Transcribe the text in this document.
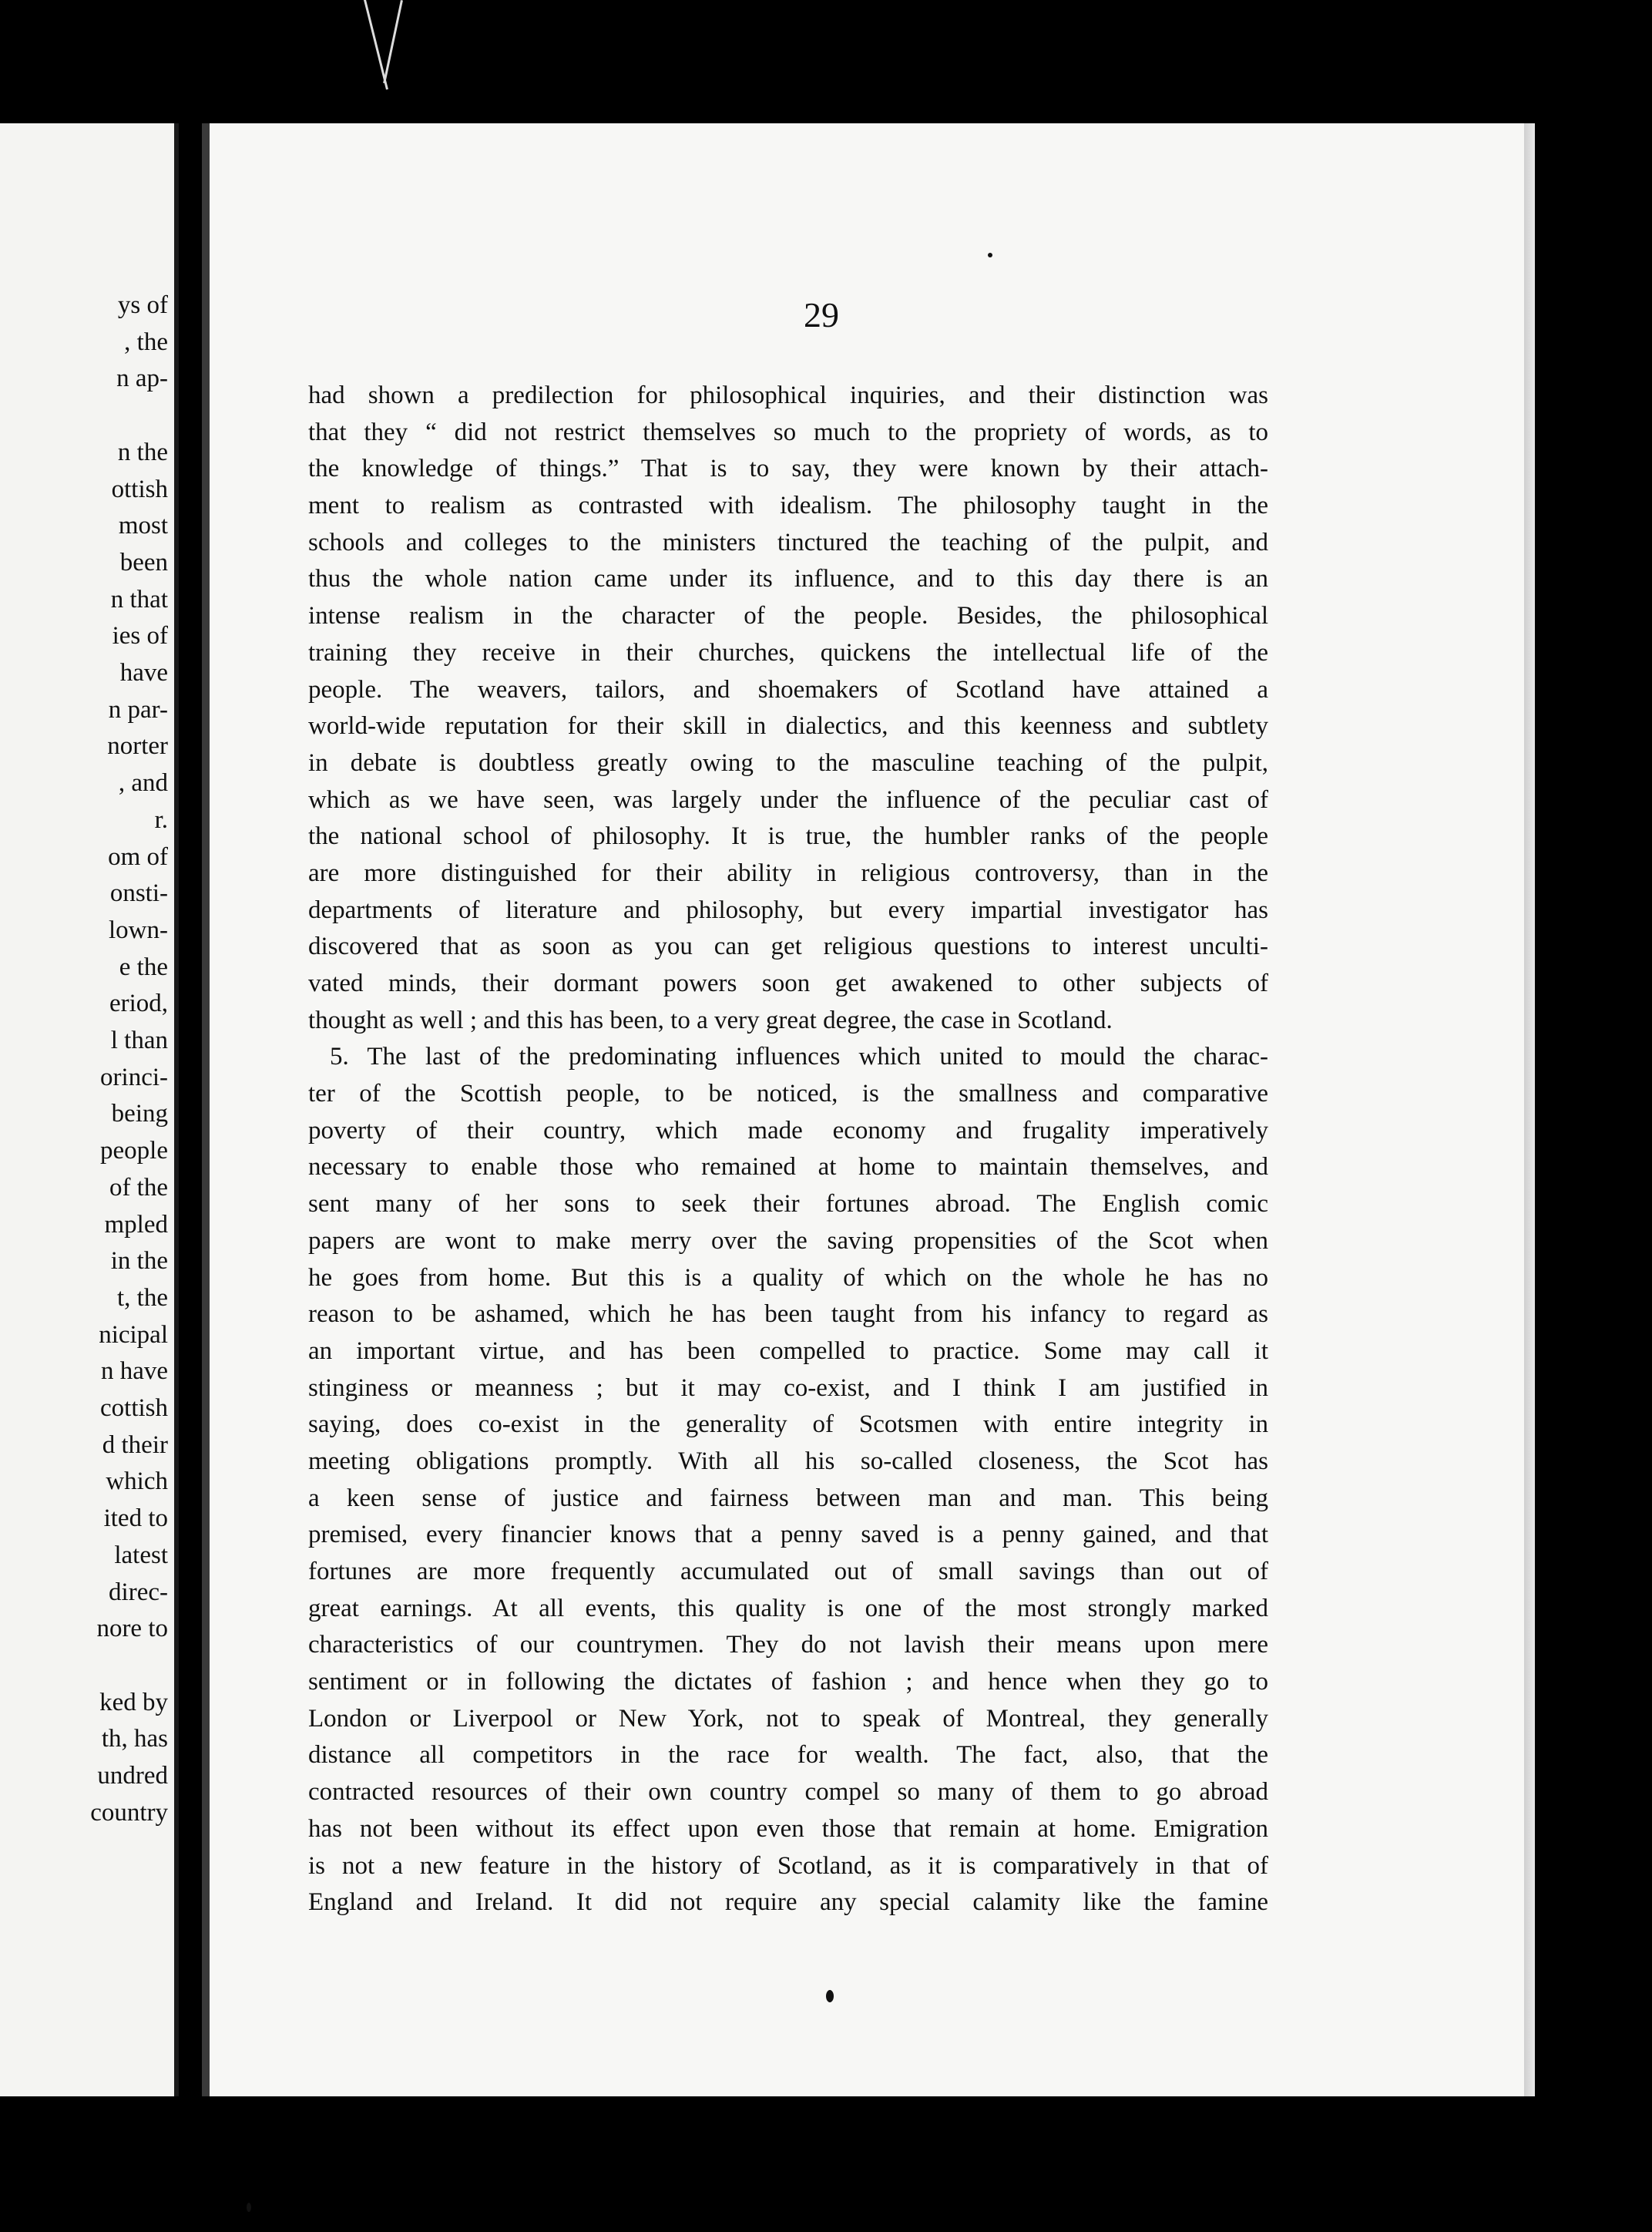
ys of
, the
n ap-
n the
ottish
most
been
n that
ies of
have
n par-
norter
, and
r.
om of
onsti-
lown-
e the
eriod,
l than
orinci-
being
people
of the
mpled
in the
t, the
nicipal
n have
cottish
d their
which
ited to
latest
direc-
nore to
ked by
th, has
undred
country
29
had shown a predilection for philosophical inquiries, and their distinction was
that they “ did not restrict themselves so much to the propriety of words, as to
the knowledge of things.” That is to say, they were known by their attach-
ment to realism as contrasted with idealism. The philosophy taught in the
schools and colleges to the ministers tinctured the teaching of the pulpit, and
thus the whole nation came under its influence, and to this day there is an
intense realism in the character of the people. Besides, the philosophical
training they receive in their churches, quickens the intellectual life of the
people. The weavers, tailors, and shoemakers of Scotland have attained a
world-wide reputation for their skill in dialectics, and this keenness and subtlety
in debate is doubtless greatly owing to the masculine teaching of the pulpit,
which as we have seen, was largely under the influence of the peculiar cast of
the national school of philosophy. It is true, the humbler ranks of the people
are more distinguished for their ability in religious controversy, than in the
departments of literature and philosophy, but every impartial investigator has
discovered that as soon as you can get religious questions to interest unculti-
vated minds, their dormant powers soon get awakened to other subjects of
thought as well ; and this has been, to a very great degree, the case in Scotland.
5. The last of the predominating influences which united to mould the charac-
ter of the Scottish people, to be noticed, is the smallness and comparative
poverty of their country, which made economy and frugality imperatively
necessary to enable those who remained at home to maintain themselves, and
sent many of her sons to seek their fortunes abroad. The English comic
papers are wont to make merry over the saving propensities of the Scot when
he goes from home. But this is a quality of which on the whole he has no
reason to be ashamed, which he has been taught from his infancy to regard as
an important virtue, and has been compelled to practice. Some may call it
stinginess or meanness ; but it may co-exist, and I think I am justified in
saying, does co-exist in the generality of Scotsmen with entire integrity in
meeting obligations promptly. With all his so-called closeness, the Scot has
a keen sense of justice and fairness between man and man. This being
premised, every financier knows that a penny saved is a penny gained, and that
fortunes are more frequently accumulated out of small savings than out of
great earnings. At all events, this quality is one of the most strongly marked
characteristics of our countrymen. They do not lavish their means upon mere
sentiment or in following the dictates of fashion ; and hence when they go to
London or Liverpool or New York, not to speak of Montreal, they generally
distance all competitors in the race for wealth. The fact, also, that the
contracted resources of their own country compel so many of them to go abroad
has not been without its effect upon even those that remain at home. Emigration
is not a new feature in the history of Scotland, as it is comparatively in that of
England and Ireland. It did not require any special calamity like the famine
